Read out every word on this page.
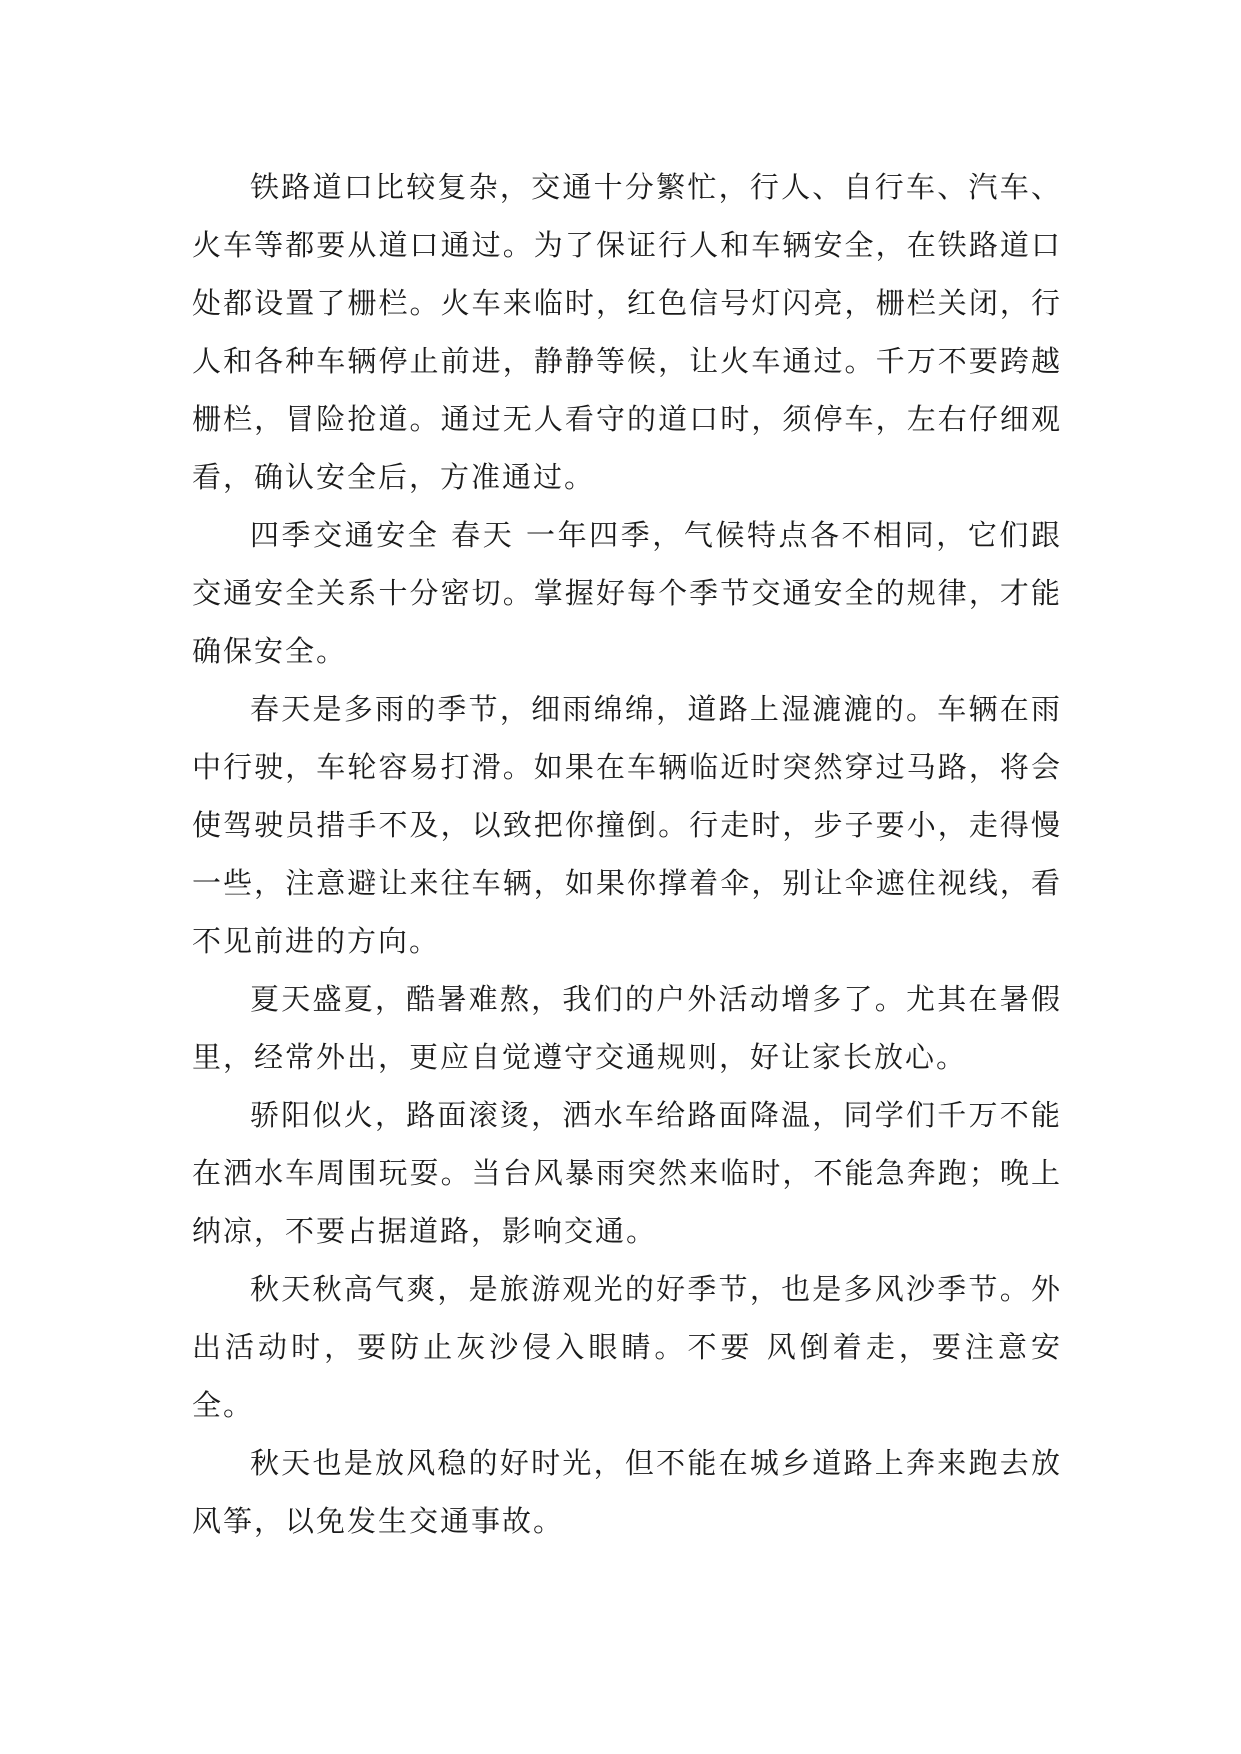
铁路道口比较复杂，交通十分繁忙，行人、自行车、汽车、火车等都要从道口通过。为了保证行人和车辆安全，在铁路道口处都设置了栅栏。火车来临时，红色信号灯闪亮，栅栏关闭，行人和各种车辆停止前进，静静等候，让火车通过。千万不要跨越栅栏，冒险抢道。通过无人看守的道口时，须停车，左右仔细观看，确认安全后，方准通过。

四季交通安全 春天 一年四季，气候特点各不相同，它们跟交通安全关系十分密切。掌握好每个季节交通安全的规律，才能确保安全。

春天是多雨的季节，细雨绵绵，道路上湿漉漉的。车辆在雨中行驶，车轮容易打滑。如果在车辆临近时突然穿过马路，将会使驾驶员措手不及，以致把你撞倒。行走时，步子要小，走得慢一些，注意避让来往车辆，如果你撑着伞，别让伞遮住视线，看不见前进的方向。

夏天盛夏，酷暑难熬，我们的户外活动增多了。尤其在暑假里，经常外出，更应自觉遵守交通规则，好让家长放心。

骄阳似火，路面滚烫，洒水车给路面降温，同学们千万不能在洒水车周围玩耍。当台风暴雨突然来临时，不能急奔跑；晚上纳凉，不要占据道路，影响交通。

秋天秋高气爽，是旅游观光的好季节，也是多风沙季节。外出活动时，要防止灰沙侵入眼睛。不要 风倒着走，要注意安全。

秋天也是放风稳的好时光，但不能在城乡道路上奔来跑去放风筝，以免发生交通事故。
